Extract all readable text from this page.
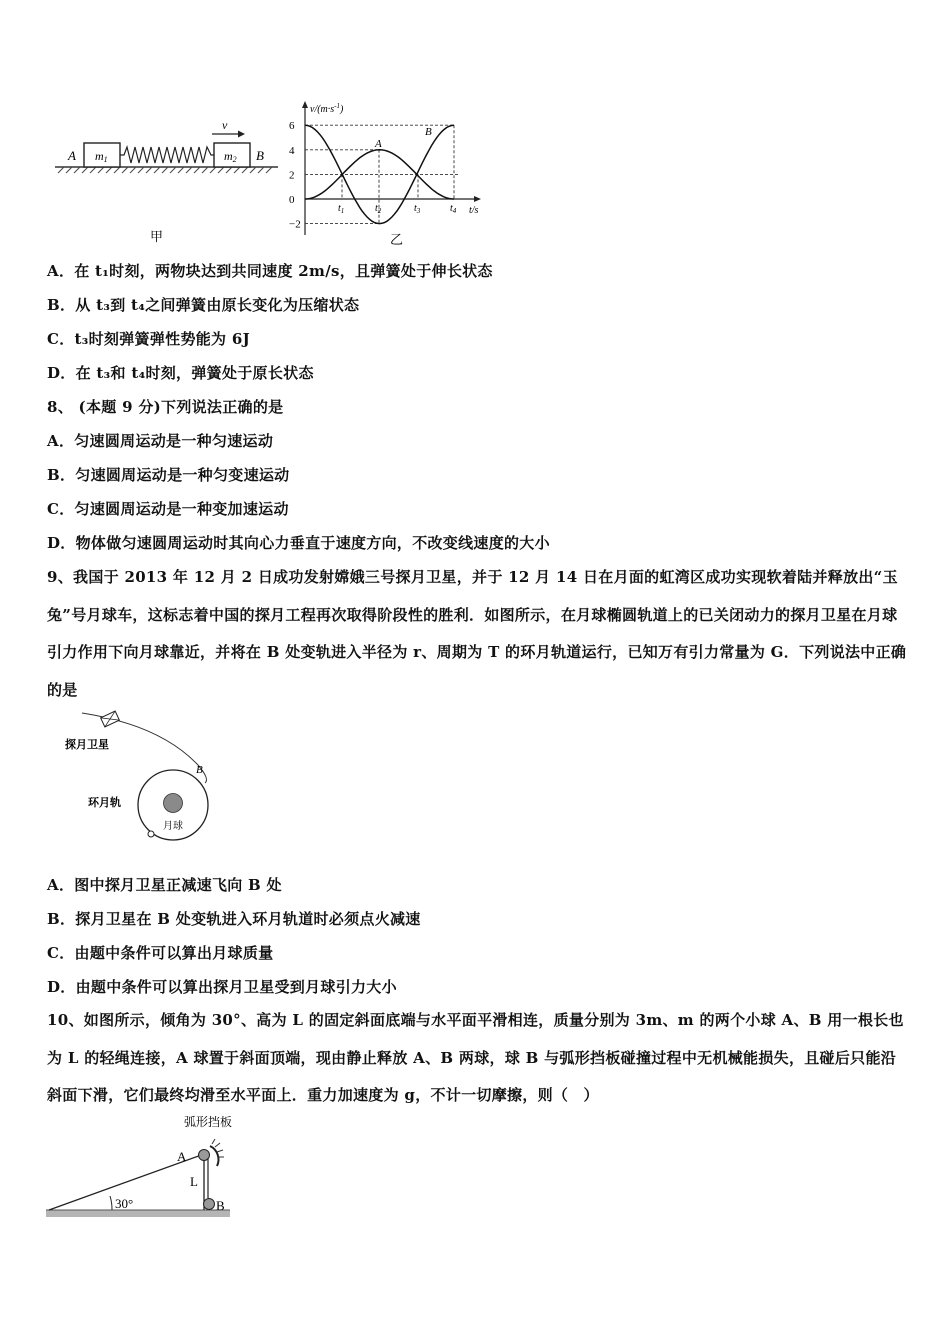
m1	m2
A	B
v
甲
$v/(m\cdot s^{-1})$
t/s
6
4
2
0
−2
$t_1$	$t_2$	$t_3$	$t_4$
A
B
乙
A．在 t₁时刻，两物块达到共同速度 2m/s，且弹簧处于伸长状态
B．从 t₃到 t₄之间弹簧由原长变化为压缩状态
C．t₃时刻弹簧弹性势能为 6J
D．在 t₃和 t₄时刻，弹簧处于原长状态
8、 (本题 9 分)下列说法正确的是
A．匀速圆周运动是一种匀速运动
B．匀速圆周运动是一种匀变速运动
C．匀速圆周运动是一种变加速运动
D．物体做匀速圆周运动时其向心力垂直于速度方向，不改变线速度的大小
9、我国于 2013 年 12 月 2 日成功发射嫦娥三号探月卫星，并于 12 月 14 日在月面的虹湾区成功实现软着陆并释放出“玉兔”号月球车，这标志着中国的探月工程再次取得阶段性的胜利．如图所示，在月球椭圆轨道上的已关闭动力的探月卫星在月球引力作用下向月球靠近，并将在 B 处变轨进入半径为 r、周期为 T 的环月轨道运行，已知万有引力常量为 G．下列说法中正确的是
探月卫星
B
月球
环月轨
A．图中探月卫星正减速飞向 B 处
B．探月卫星在 B 处变轨进入环月轨道时必须点火减速
C．由题中条件可以算出月球质量
D．由题中条件可以算出探月卫星受到月球引力大小
10、如图所示，倾角为 30°、高为 L 的固定斜面底端与水平面平滑相连，质量分别为 3m、m 的两个小球 A、B 用一根长也为 L 的轻绳连接，A 球置于斜面顶端，现由静止释放 A、B 两球，球 B 与弧形挡板碰撞过程中无机械能损失，且碰后只能沿斜面下滑，它们最终均滑至水平面上．重力加速度为 g，不计一切摩擦，则（　）
30°
弧形挡板
A
L
B
